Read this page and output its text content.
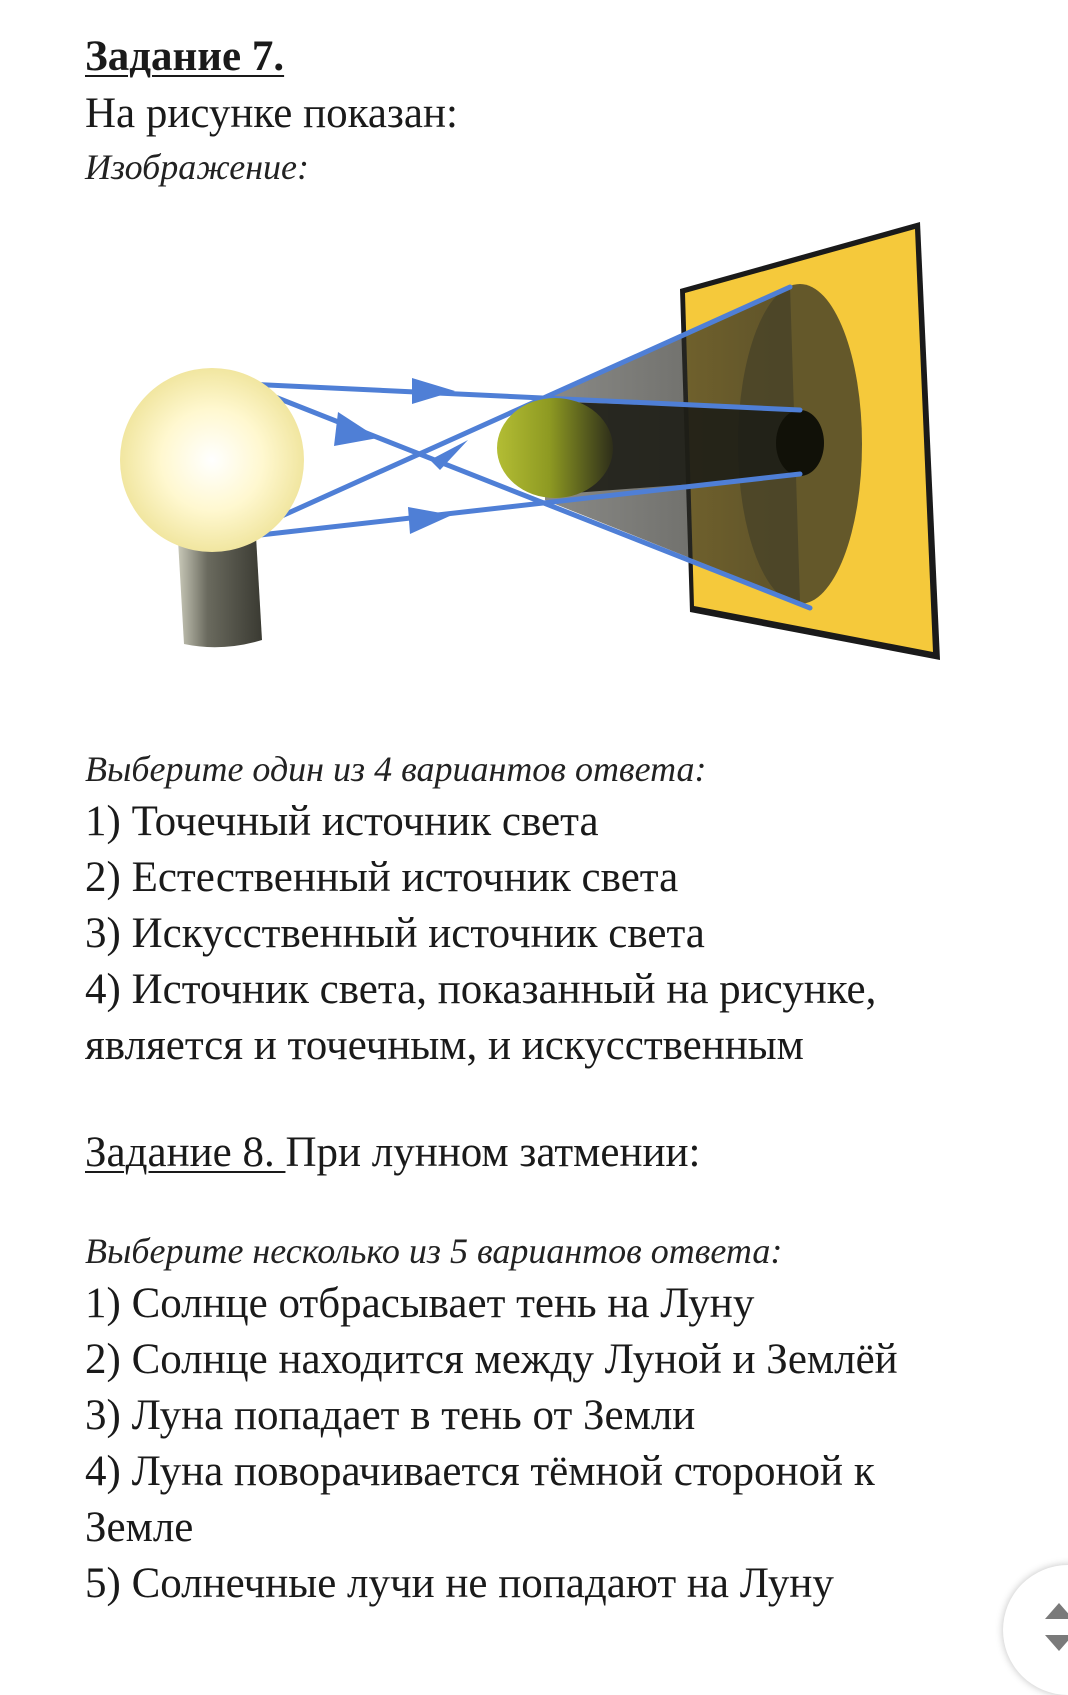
Задание 7.

На рисунке показан:

Изображение:

Выберите один из 4 вариантов ответа:

1) Точечный источник света
2) Естественный источник света
3) Искусственный источник света
4) Источник света, показанный на рисунке,
является и точечным, и искусственным
Задание 8. При лунном затмении:

Выберите несколько из 5 вариантов ответа:

1) Солнце отбрасывает тень на Луну
2) Солнце находится между Луной и Землёй
3) Луна попадает в тень от Земли
4) Луна поворачивается тёмной стороной к
Земле
5) Солнечные лучи не попадают на Луну
